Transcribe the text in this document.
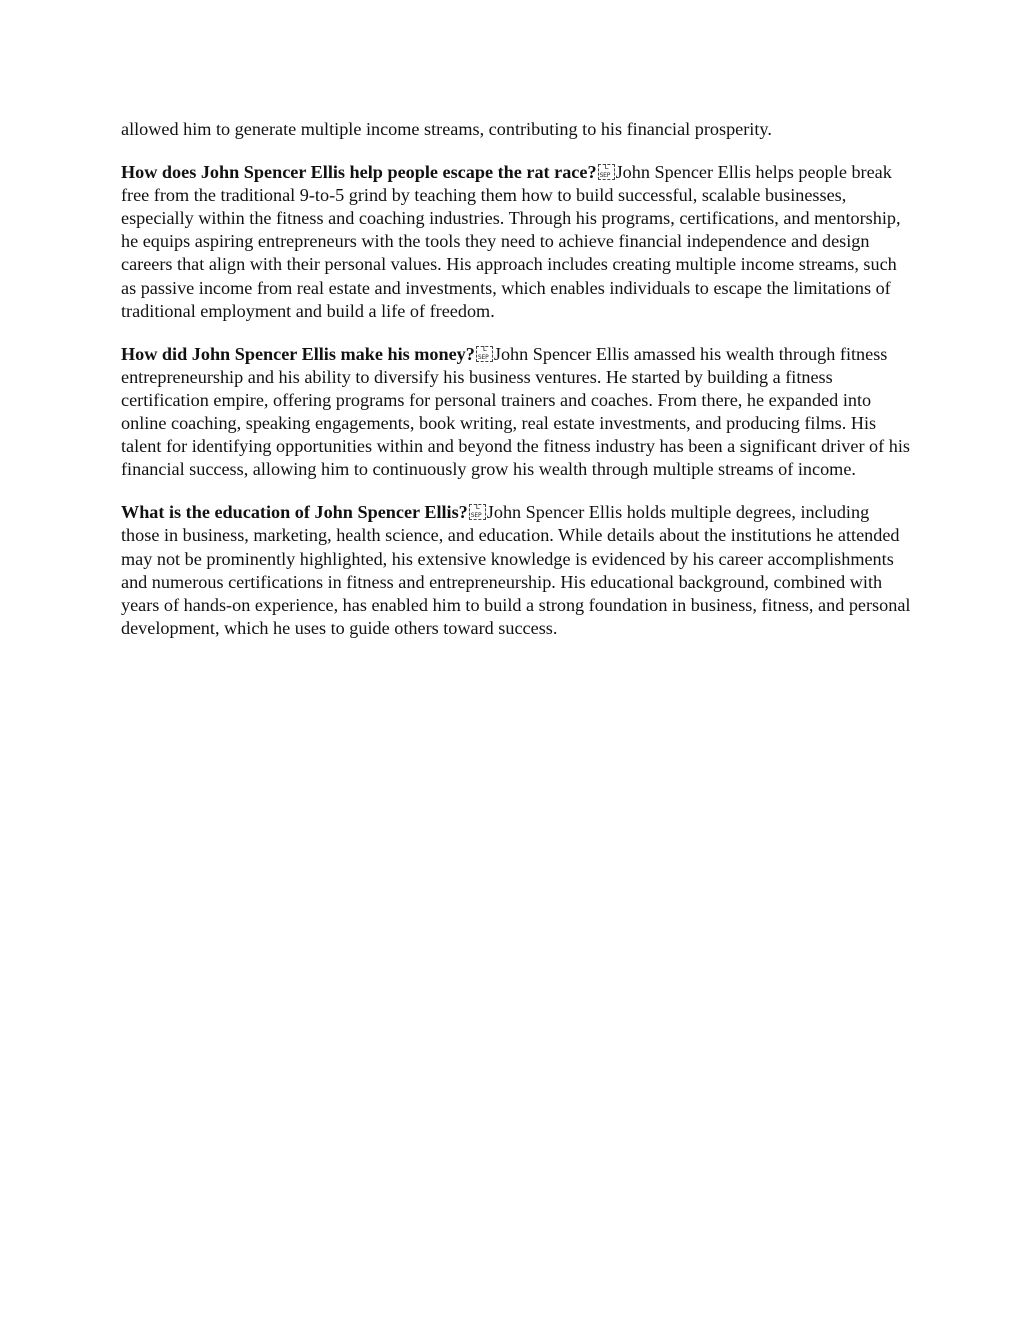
allowed him to generate multiple income streams, contributing to his financial prosperity.

How does John Spencer Ellis help people escape the rat race? L SEP John Spencer Ellis helps people break free from the traditional 9-to-5 grind by teaching them how to build successful, scalable businesses, especially within the fitness and coaching industries. Through his programs, certifications, and mentorship, he equips aspiring entrepreneurs with the tools they need to achieve financial independence and design careers that align with their personal values. His approach includes creating multiple income streams, such as passive income from real estate and investments, which enables individuals to escape the limitations of traditional employment and build a life of freedom.

How did John Spencer Ellis make his money? L SEP John Spencer Ellis amassed his wealth through fitness entrepreneurship and his ability to diversify his business ventures. He started by building a fitness certification empire, offering programs for personal trainers and coaches. From there, he expanded into online coaching, speaking engagements, book writing, real estate investments, and producing films. His talent for identifying opportunities within and beyond the fitness industry has been a significant driver of his financial success, allowing him to continuously grow his wealth through multiple streams of income.

What is the education of John Spencer Ellis? L SEP John Spencer Ellis holds multiple degrees, including those in business, marketing, health science, and education. While details about the institutions he attended may not be prominently highlighted, his extensive knowledge is evidenced by his career accomplishments and numerous certifications in fitness and entrepreneurship. His educational background, combined with years of hands-on experience, has enabled him to build a strong foundation in business, fitness, and personal development, which he uses to guide others toward success.
